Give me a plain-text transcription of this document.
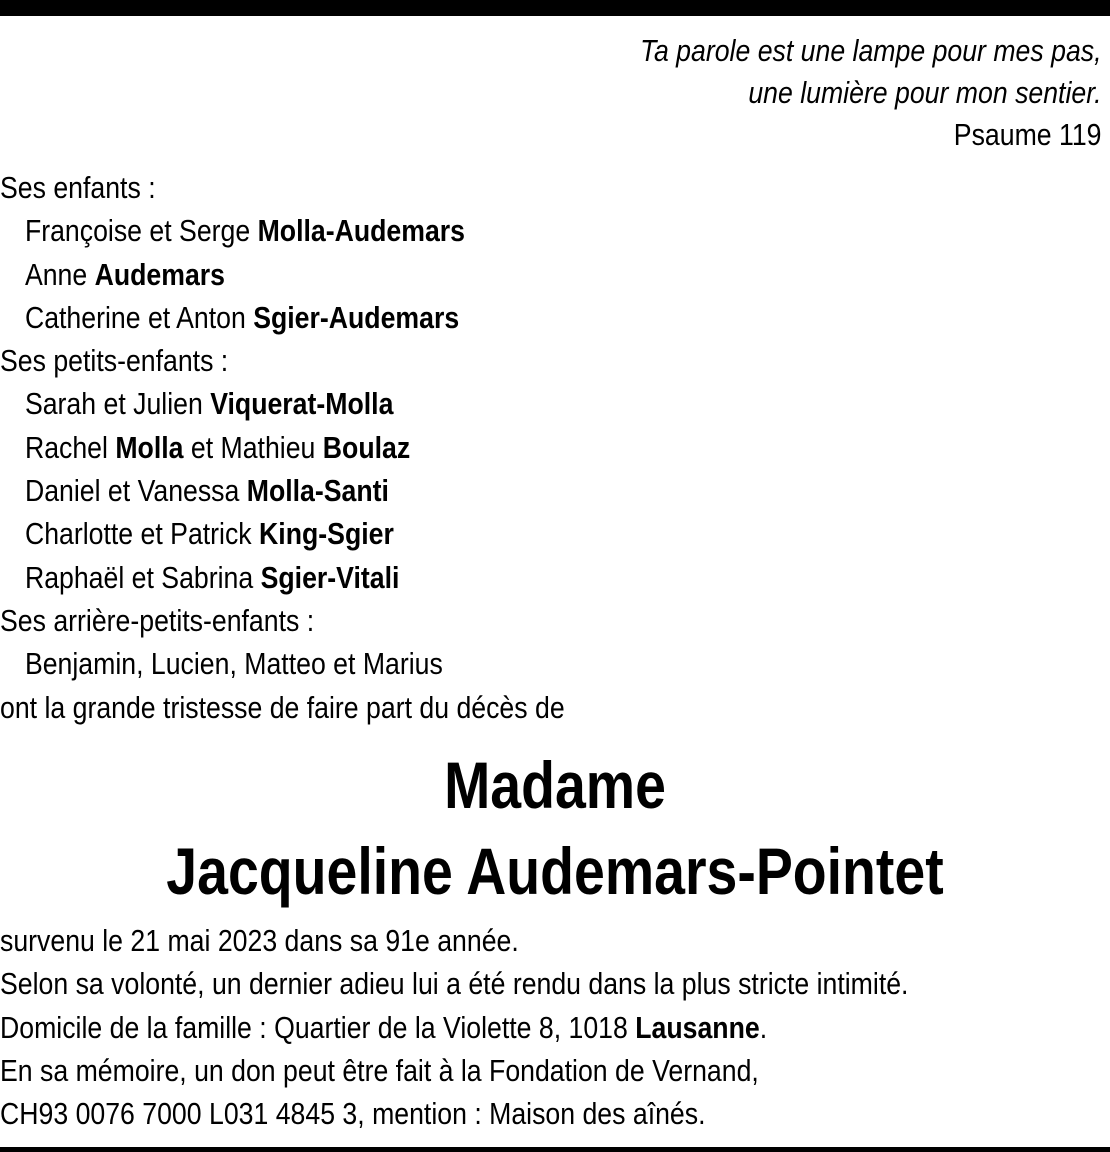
Ta parole est une lampe pour mes pas,
une lumière pour mon sentier.
Psaume 119
Ses enfants :
Françoise et Serge Molla-Audemars
Anne Audemars
Catherine et Anton Sgier-Audemars
Ses petits-enfants :
Sarah et Julien Viquerat-Molla
Rachel Molla et Mathieu Boulaz
Daniel et Vanessa Molla-Santi
Charlotte et Patrick King-Sgier
Raphaël et Sabrina Sgier-Vitali
Ses arrière-petits-enfants :
Benjamin, Lucien, Matteo et Marius
ont la grande tristesse de faire part du décès de
Madame
Jacqueline Audemars-Pointet
survenu le 21 mai 2023 dans sa 91e année.
Selon sa volonté, un dernier adieu lui a été rendu dans la plus stricte intimité.
Domicile de la famille : Quartier de la Violette 8, 1018 Lausanne.
En sa mémoire, un don peut être fait à la Fondation de Vernand,
CH93 0076 7000 L031 4845 3, mention : Maison des aînés.
